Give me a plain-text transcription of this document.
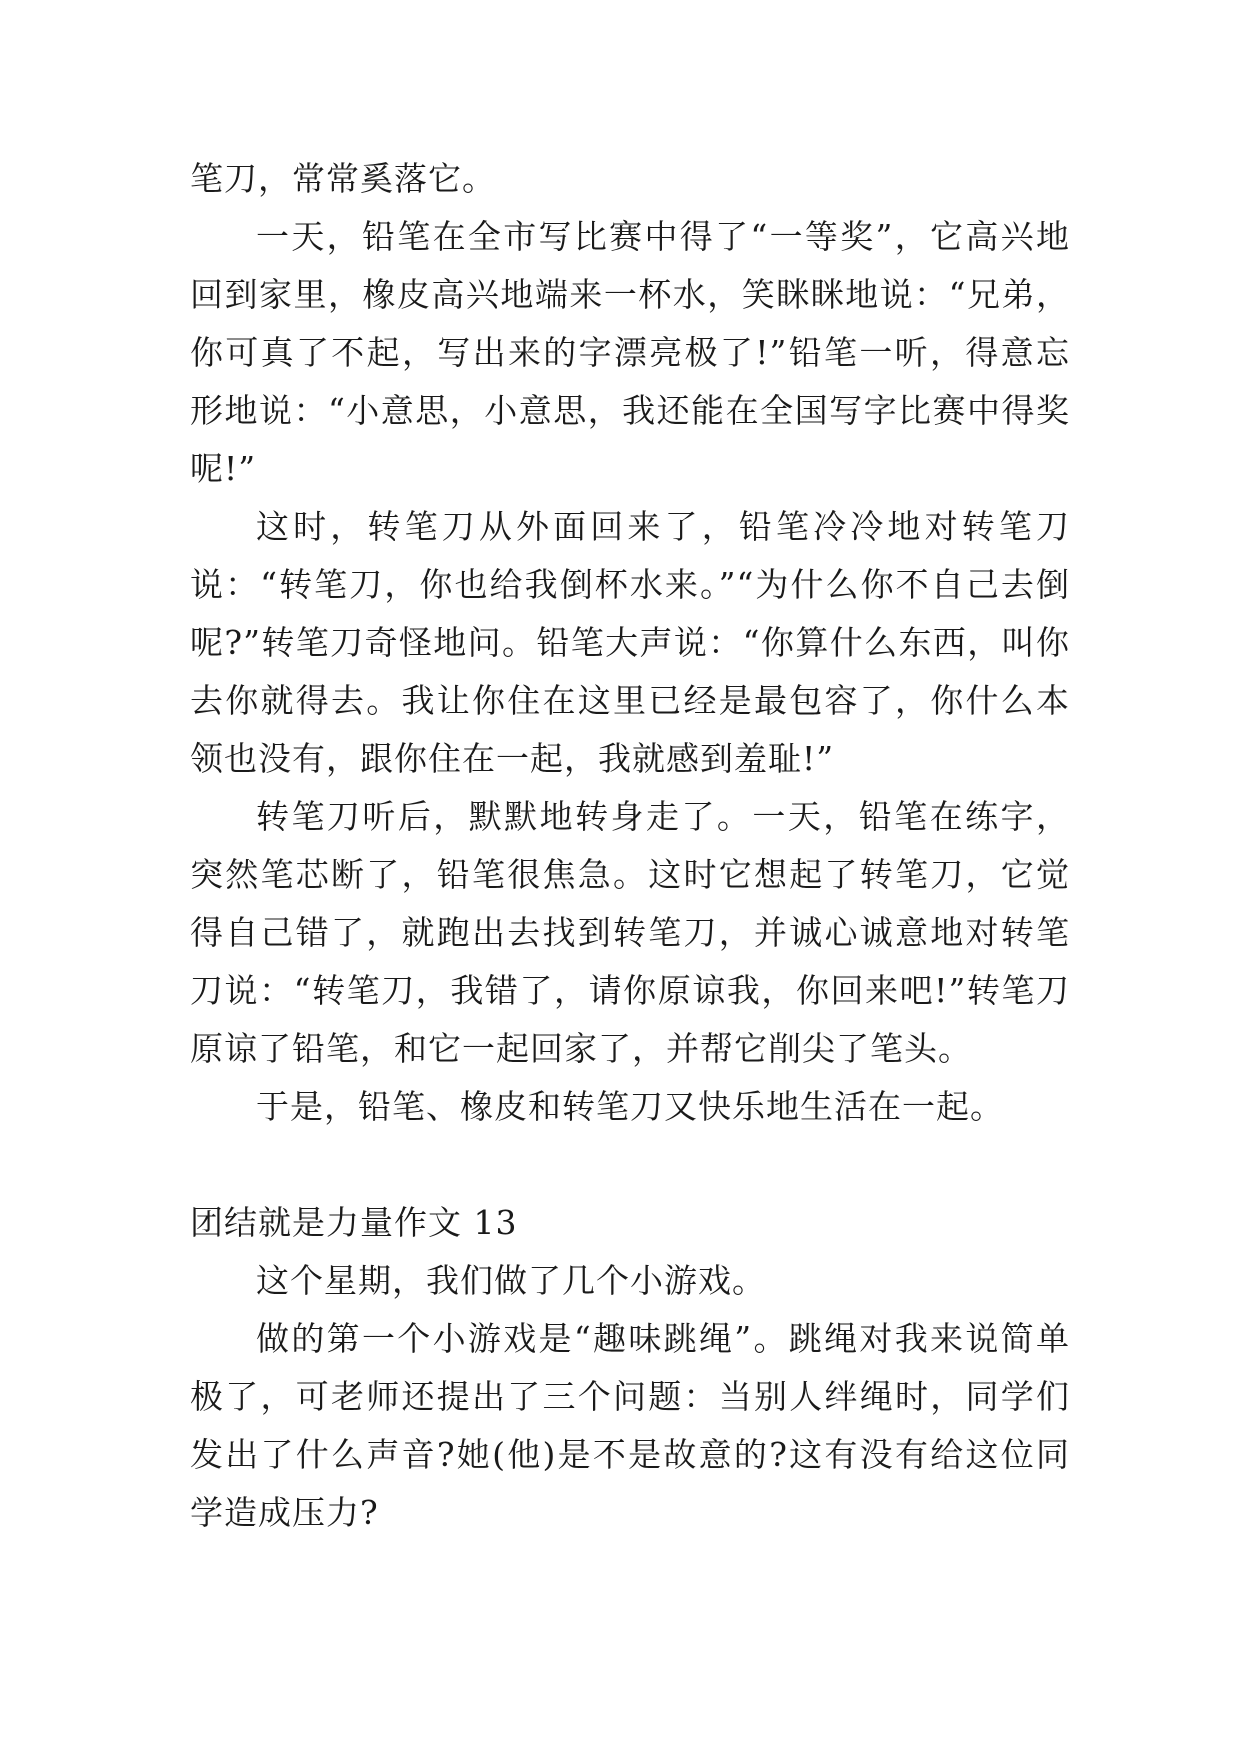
笔刀，常常奚落它。

一天，铅笔在全市写比赛中得了“一等奖”，它高兴地回到家里，橡皮高兴地端来一杯水，笑眯眯地说：“兄弟，你可真了不起，写出来的字漂亮极了!”铅笔一听，得意忘形地说：“小意思，小意思，我还能在全国写字比赛中得奖呢!”

这时，转笔刀从外面回来了，铅笔冷冷地对转笔刀说：“转笔刀，你也给我倒杯水来。”“为什么你不自己去倒呢?”转笔刀奇怪地问。铅笔大声说：“你算什么东西，叫你去你就得去。我让你住在这里已经是最包容了，你什么本领也没有，跟你住在一起，我就感到羞耻!”

转笔刀听后，默默地转身走了。一天，铅笔在练字，突然笔芯断了，铅笔很焦急。这时它想起了转笔刀，它觉得自己错了，就跑出去找到转笔刀，并诚心诚意地对转笔刀说：“转笔刀，我错了，请你原谅我，你回来吧!”转笔刀原谅了铅笔，和它一起回家了，并帮它削尖了笔头。

于是，铅笔、橡皮和转笔刀又快乐地生活在一起。

团结就是力量作文 13

这个星期，我们做了几个小游戏。

做的第一个小游戏是“趣味跳绳”。跳绳对我来说简单极了，可老师还提出了三个问题：当别人绊绳时，同学们发出了什么声音?她(他)是不是故意的?这有没有给这位同学造成压力?
